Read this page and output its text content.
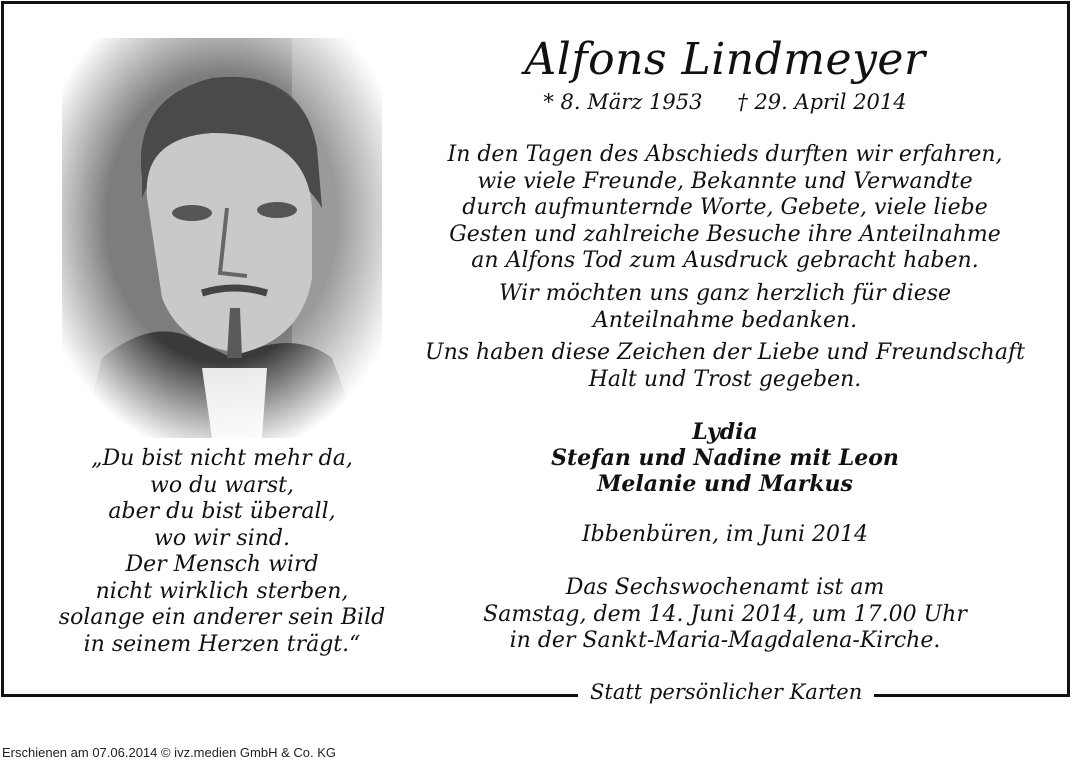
„Du bist nicht mehr da,
wo du warst,
aber du bist überall,
wo wir sind.
Der Mensch wird
nicht wirklich sterben,
solange ein anderer sein Bild
in seinem Herzen trägt.“
Alfons Lindmeyer
* 8. März 1953 † 29. April 2014
In den Tagen des Abschieds durften wir erfahren,
wie viele Freunde, Bekannte und Verwandte
durch aufmunternde Worte, Gebete, viele liebe
Gesten und zahlreiche Besuche ihre Anteilnahme
an Alfons Tod zum Ausdruck gebracht haben.
Wir möchten uns ganz herzlich für diese
Anteilnahme bedanken.
Uns haben diese Zeichen der Liebe und Freundschaft
Halt und Trost gegeben.
Lydia
Stefan und Nadine mit Leon
Melanie und Markus
Ibbenbüren, im Juni 2014
Das Sechswochenamt ist am
Samstag, dem 14. Juni 2014, um 17.00 Uhr
in der Sankt-Maria-Magdalena-Kirche.
Statt persönlicher Karten
Erschienen am 07.06.2014 © ivz.medien GmbH & Co. KG
